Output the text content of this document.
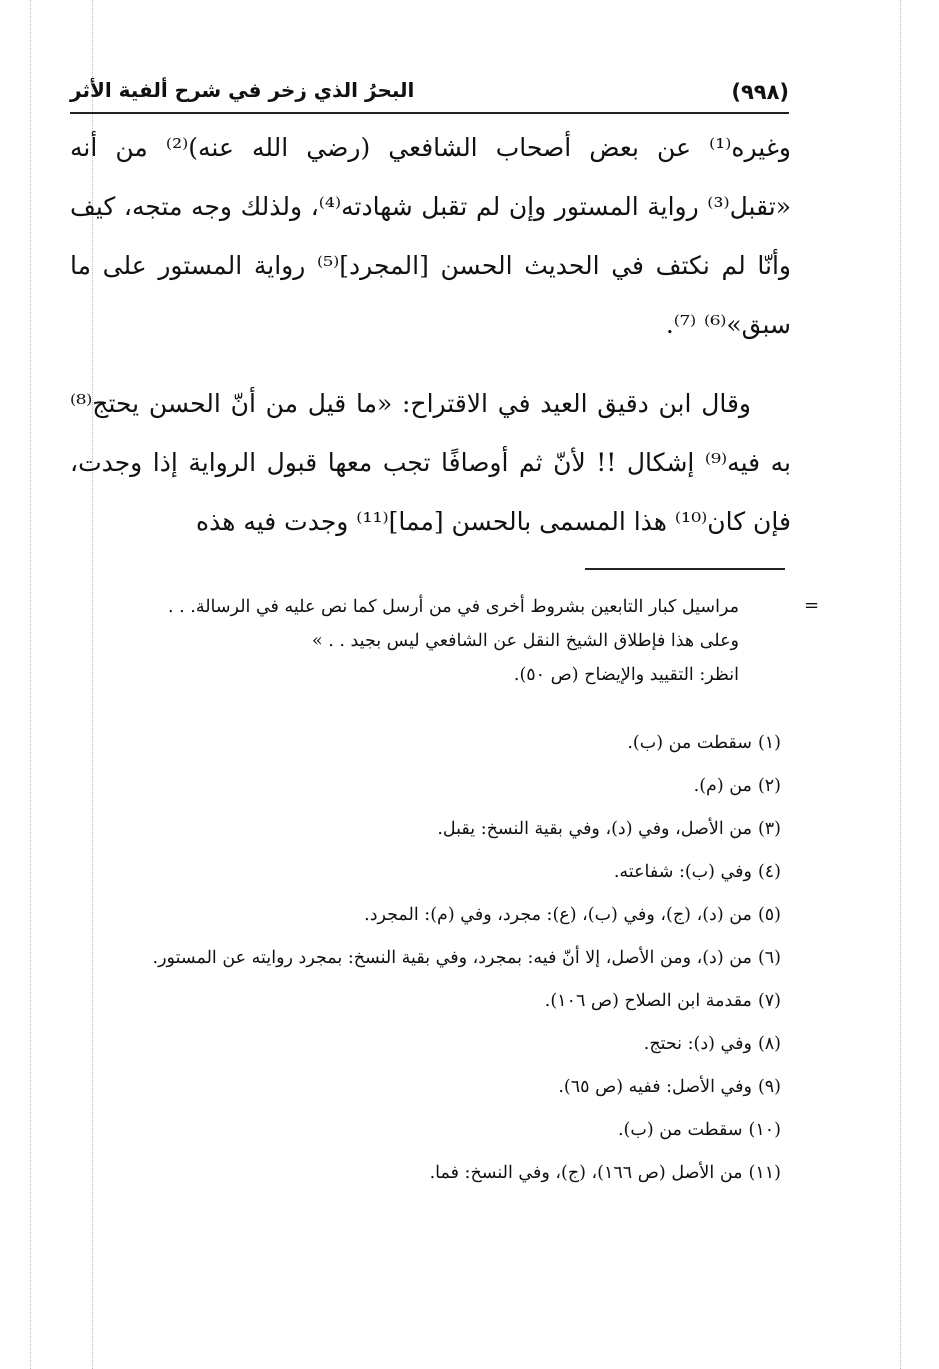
(٩٩٨)
البحرُ الذي زخر في شرح ألفية الأثر

وغيره⁽¹⁾ عن بعض أصحاب الشافعي (رضي الله عنه)⁽²⁾ من أنه «تقبل⁽³⁾ رواية المستور وإن لم تقبل شهادته⁽⁴⁾، ولذلك وجه متجه، كيف وأنّا لم نكتف في الحديث الحسن [المجرد]⁽⁵⁾ رواية المستور على ما سبق»⁽⁶⁾ ⁽⁷⁾.

وقال ابن دقيق العيد في الاقتراح: «ما قيل من أنّ الحسن يحتج⁽⁸⁾ به فيه⁽⁹⁾ إشكال !! لأنّ ثم أوصافًا تجب معها قبول الرواية إذا وجدت، فإن كان⁽¹⁰⁾ هذا المسمى بالحسن [مما]⁽¹¹⁾ وجدت فيه هذه

=
مراسيل كبار التابعين بشروط أخرى في من أرسل كما نص عليه في الرسالة. . .
وعلى هذا فإطلاق الشيخ النقل عن الشافعي ليس بجيد . . »
انظر: التقييد والإيضاح (ص ٥٠).
(١)سقطت من (ب).
(٢)من (م).
(٣)من الأصل، وفي (د)، وفي بقية النسخ: يقبل.
(٤)وفي (ب): شفاعته.
(٥)من (د)، (ج)، وفي (ب)، (ع): مجرد، وفي (م): المجرد.
(٦)من (د)، ومن الأصل، إلا أنّ فيه: بمجرد، وفي بقية النسخ: بمجرد روايته عن المستور.
(٧)مقدمة ابن الصلاح (ص ١٠٦).
(٨)وفي (د): نحتج.
(٩)وفي الأصل: ففيه (ص ٦٥).
(١٠)سقطت من (ب).
(١١)من الأصل (ص ١٦٦)، (ج)، وفي النسخ: فما.
